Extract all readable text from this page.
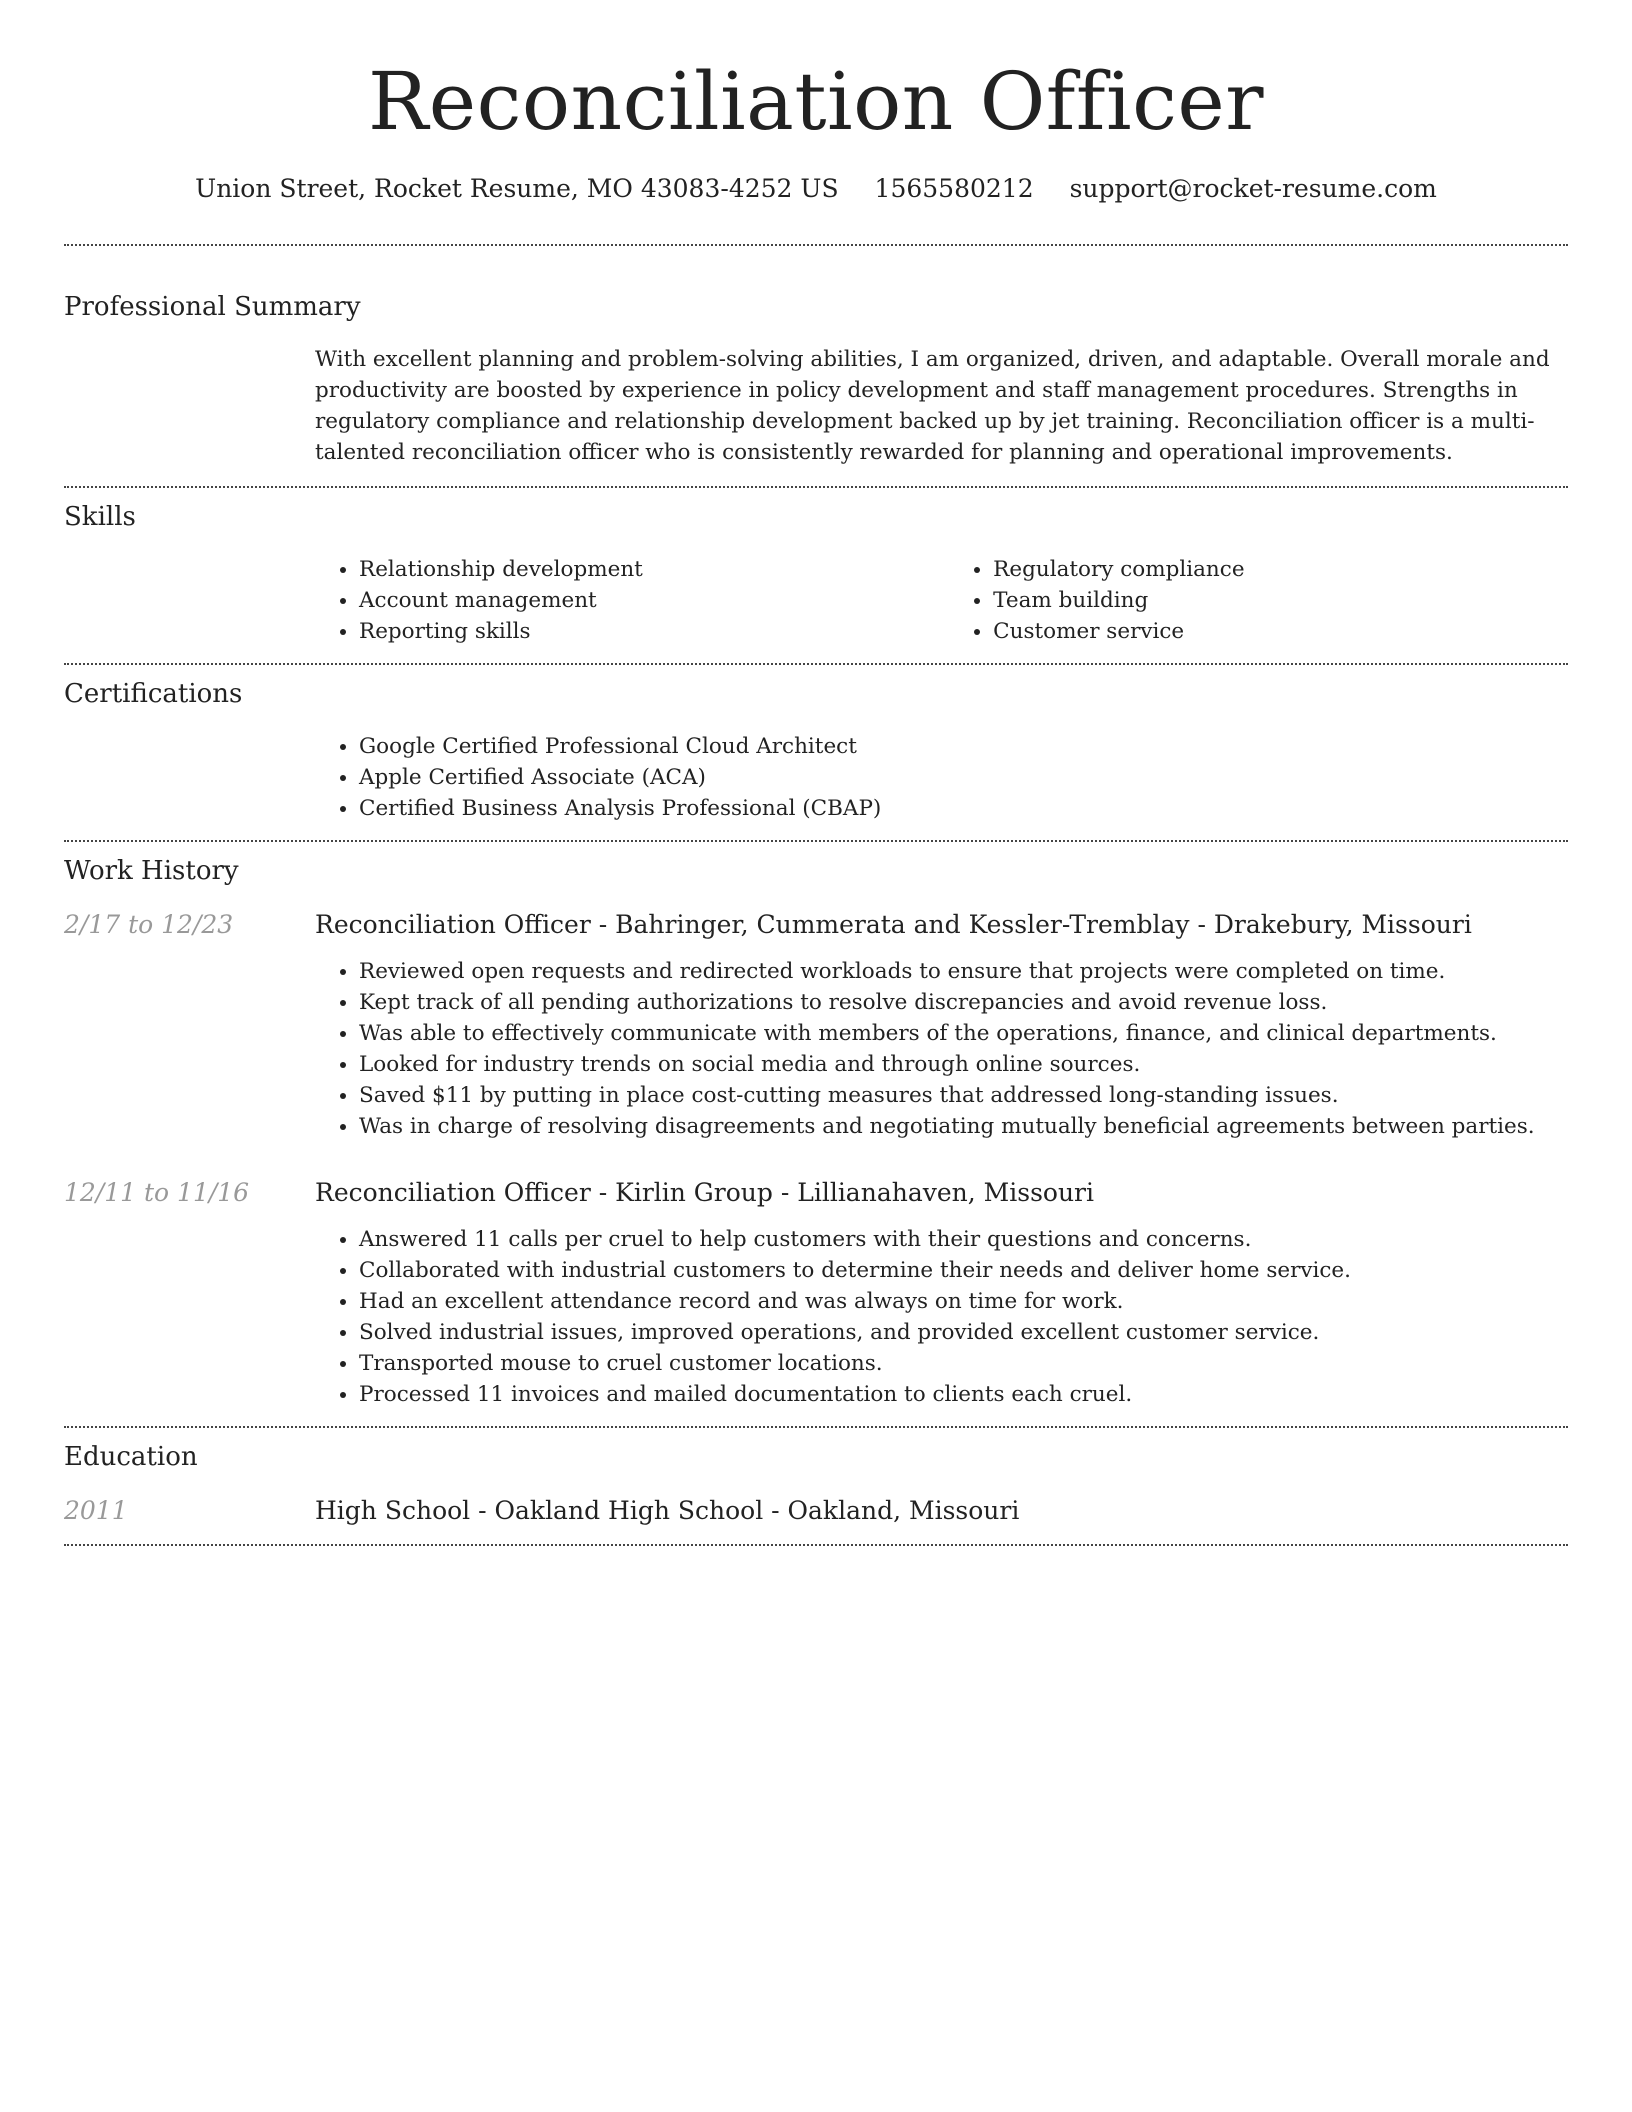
Reconciliation Officer
Union Street, Rocket Resume, MO 43083-4252 US 1565580212 support@rocket-resume.com
Professional Summary

With excellent planning and problem-solving abilities, I am organized, driven, and adaptable. Overall morale and productivity are boosted by experience in policy development and staff management procedures. Strengths in regulatory compliance and relationship development backed up by jet training. Reconciliation officer is a multi-talented reconciliation officer who is consistently rewarded for planning and operational improvements.

Skills
• Relationship development
• Account management
• Reporting skills
• Regulatory compliance
• Team building
• Customer service
Certifications
• Google Certified Professional Cloud Architect
• Apple Certified Associate (ACA)
• Certified Business Analysis Professional (CBAP)
Work History
2/17 to 12/23	Reconciliation Officer - Bahringer, Cummerata and Kessler-Tremblay - Drakebury, Missouri
• Reviewed open requests and redirected workloads to ensure that projects were completed on time.
• Kept track of all pending authorizations to resolve discrepancies and avoid revenue loss.
• Was able to effectively communicate with members of the operations, finance, and clinical departments.
• Looked for industry trends on social media and through online sources.
• Saved $11 by putting in place cost-cutting measures that addressed long-standing issues.
• Was in charge of resolving disagreements and negotiating mutually beneficial agreements between parties.
12/11 to 11/16	Reconciliation Officer - Kirlin Group - Lillianahaven, Missouri
• Answered 11 calls per cruel to help customers with their questions and concerns.
• Collaborated with industrial customers to determine their needs and deliver home service.
• Had an excellent attendance record and was always on time for work.
• Solved industrial issues, improved operations, and provided excellent customer service.
• Transported mouse to cruel customer locations.
• Processed 11 invoices and mailed documentation to clients each cruel.
Education
2011	High School - Oakland High School - Oakland, Missouri
